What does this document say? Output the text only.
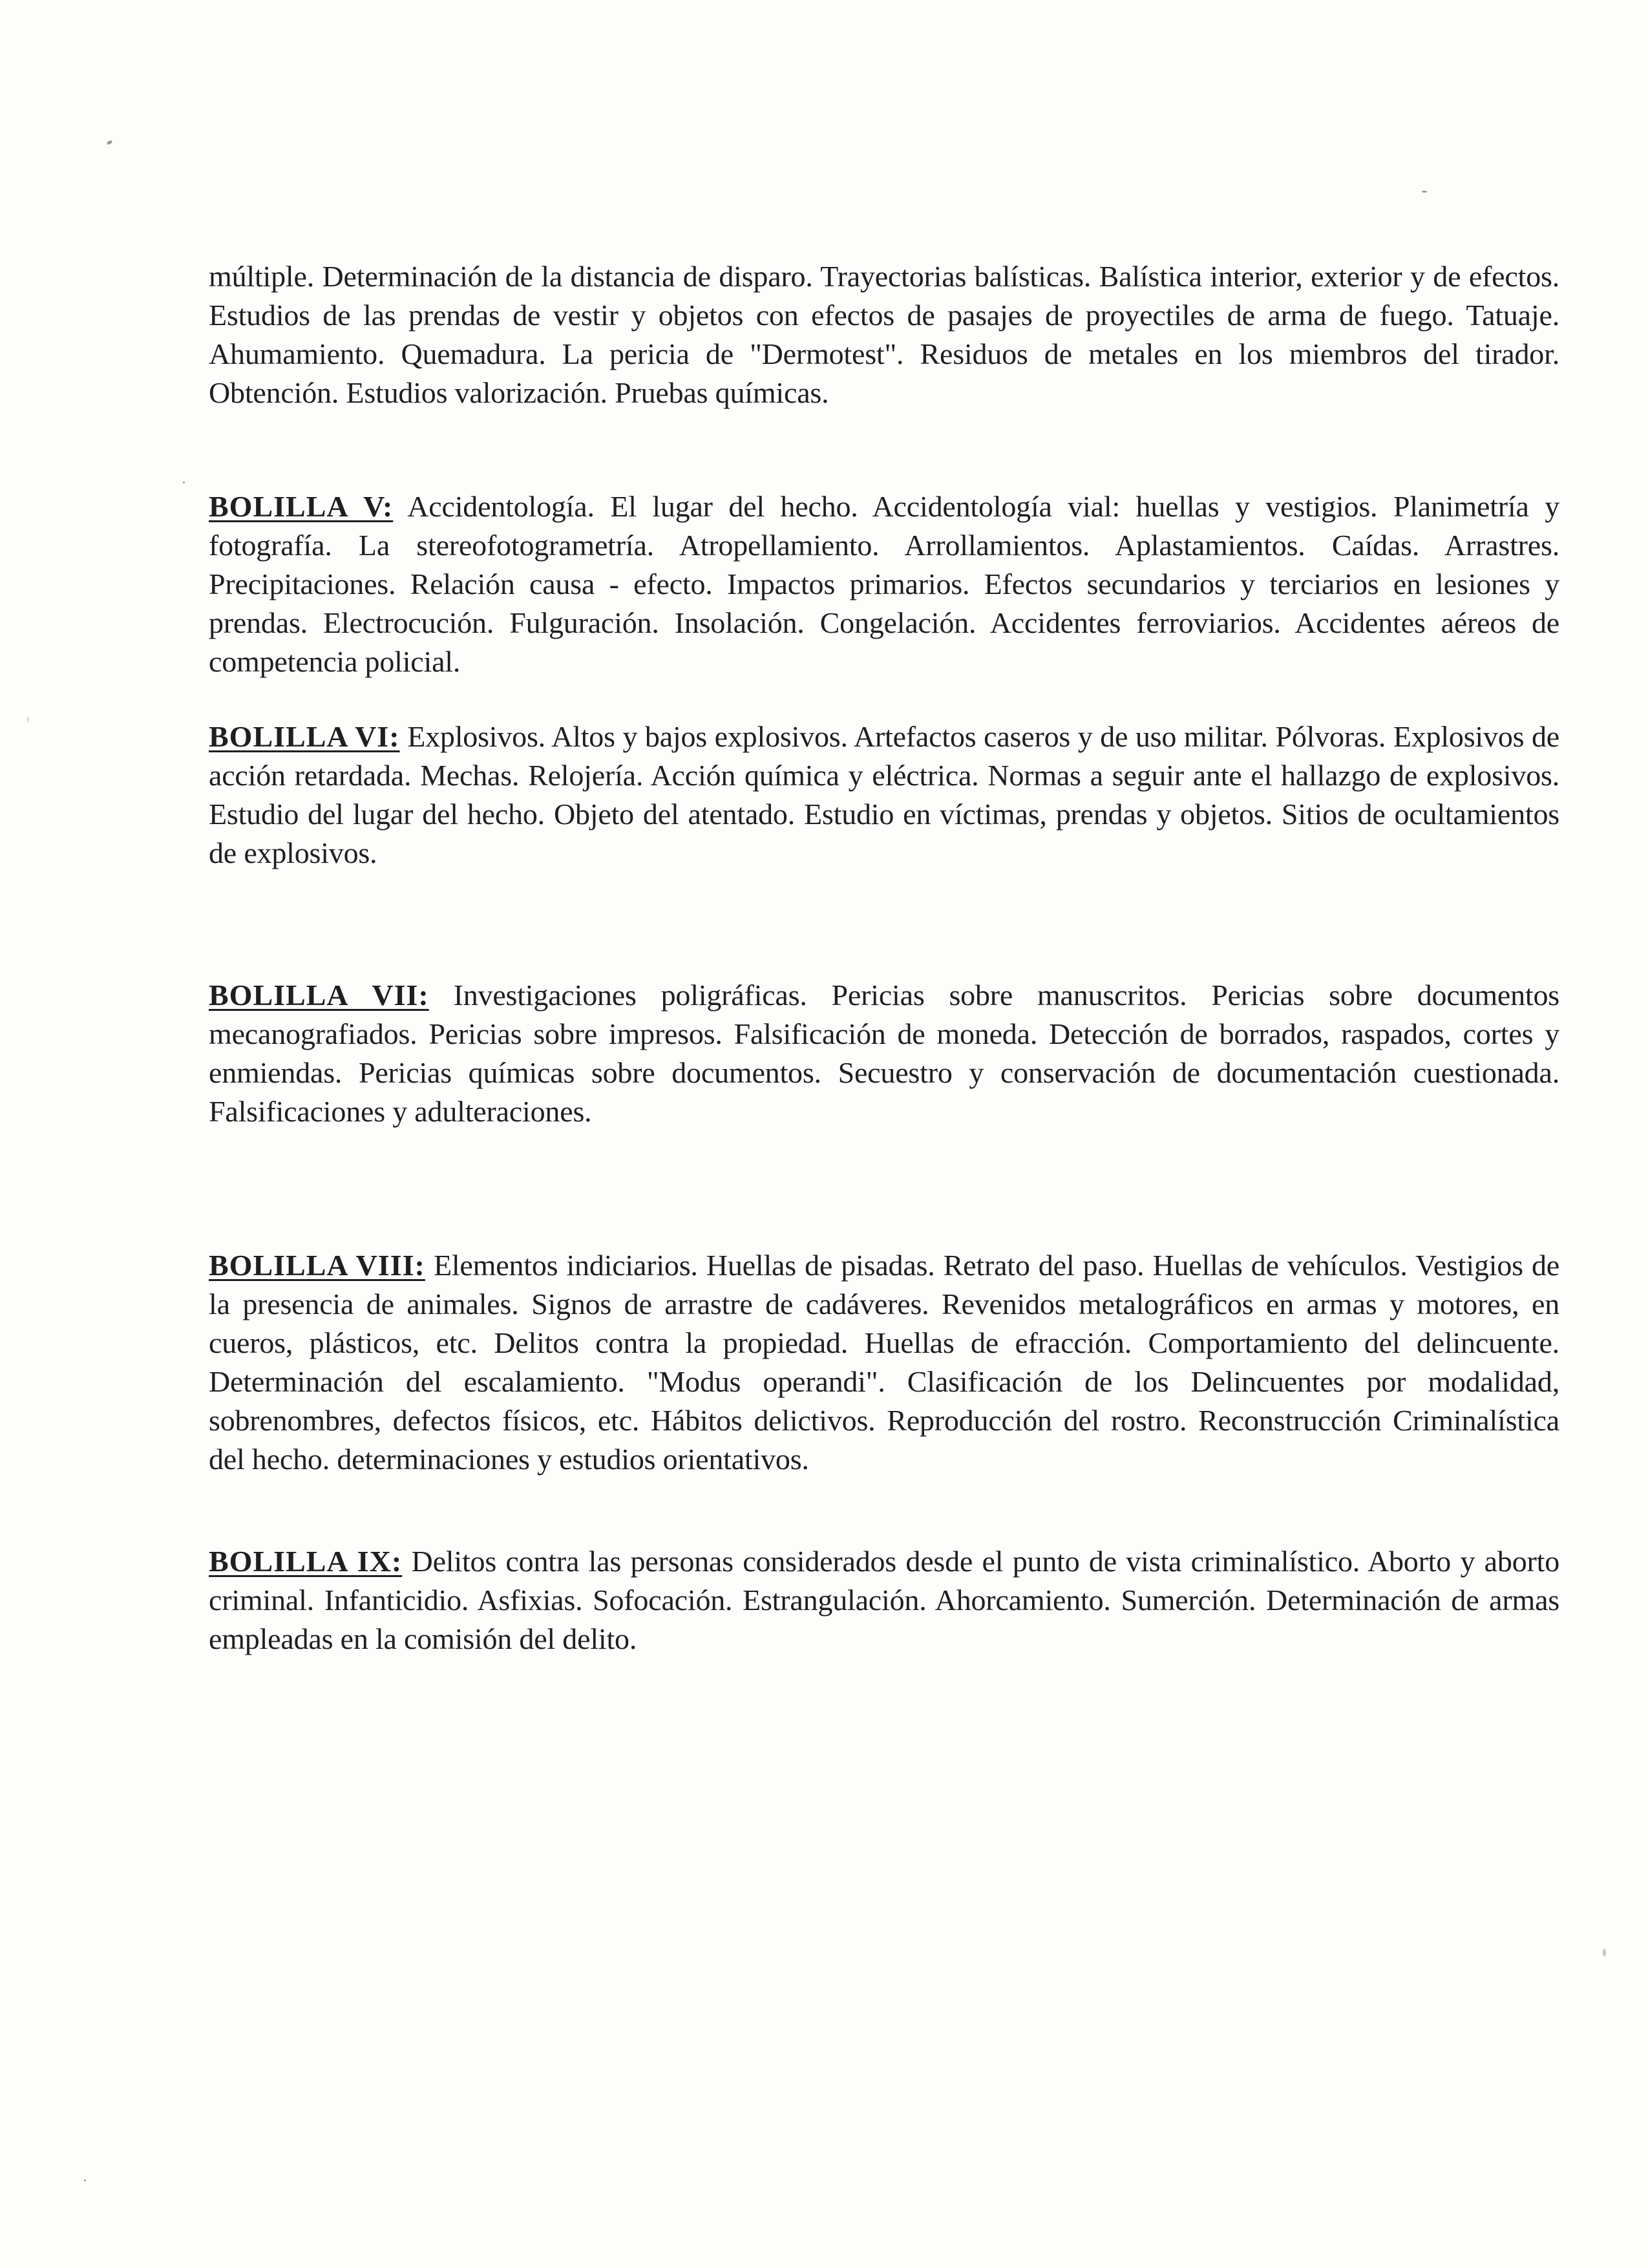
múltiple. Determinación de la distancia de disparo. Trayectorias balísticas. Balística interior, exterior y de efectos. Estudios de las prendas de vestir y objetos con efectos de pasajes de proyectiles de arma de fuego. Tatuaje. Ahumamiento. Quemadura. La pericia de "Dermotest". Residuos de metales en los miembros del tirador. Obtención. Estudios valorización. Pruebas químicas.

BOLILLA V: Accidentología. El lugar del hecho. Accidentología vial: huellas y vestigios. Planimetría y fotografía. La stereofotogrametría. Atropellamiento. Arrollamientos. Aplastamientos. Caídas. Arrastres. Precipitaciones. Relación causa - efecto. Impactos primarios. Efectos secundarios y terciarios en lesiones y prendas. Electrocución. Fulguración. Insolación. Congelación. Accidentes ferroviarios. Accidentes aéreos de competencia policial.

BOLILLA VI: Explosivos. Altos y bajos explosivos. Artefactos caseros y de uso militar. Pólvoras. Explosivos de acción retardada. Mechas. Relojería. Acción química y eléctrica. Normas a seguir ante el hallazgo de explosivos. Estudio del lugar del hecho. Objeto del atentado. Estudio en víctimas, prendas y objetos. Sitios de ocultamientos de explosivos.

BOLILLA VII: Investigaciones poligráficas. Pericias sobre manuscritos. Pericias sobre documentos mecanografiados. Pericias sobre impresos. Falsificación de moneda. Detección de borrados, raspados, cortes y enmiendas. Pericias químicas sobre documentos. Secuestro y conservación de documentación cuestionada. Falsificaciones y adulteraciones.

BOLILLA VIII: Elementos indiciarios. Huellas de pisadas. Retrato del paso. Huellas de vehículos. Vestigios de la presencia de animales. Signos de arrastre de cadáveres. Revenidos metalográficos en armas y motores, en cueros, plásticos, etc. Delitos contra la propiedad. Huellas de efracción. Comportamiento del delincuente. Determinación del escalamiento. "Modus operandi". Clasificación de los Delincuentes por modalidad, sobrenombres, defectos físicos, etc. Hábitos delictivos. Reproducción del rostro. Reconstrucción Criminalística del hecho. determinaciones y estudios orientativos.

BOLILLA IX: Delitos contra las personas considerados desde el punto de vista criminalístico. Aborto y aborto criminal. Infanticidio. Asfixias. Sofocación. Estrangulación. Ahorcamiento. Sumerción. Determinación de armas empleadas en la comisión del delito.
